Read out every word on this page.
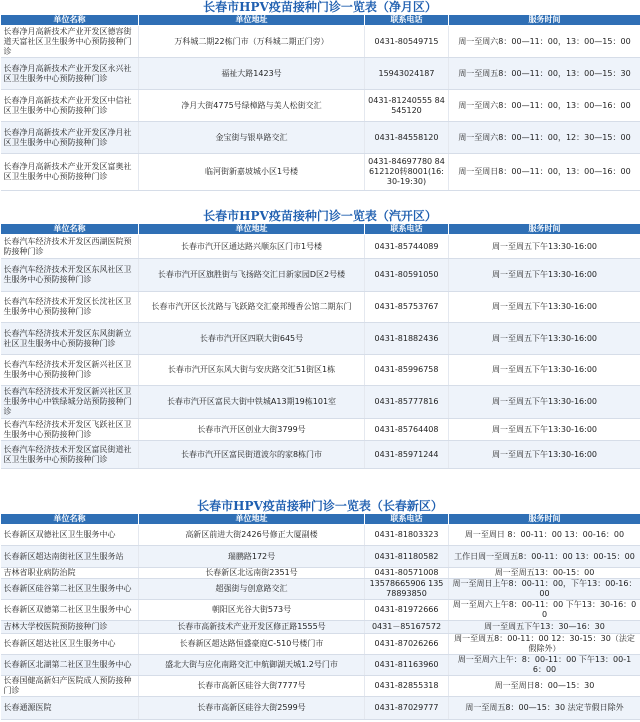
长春市HPV疫苗接种门诊一览表（净月区）
单位名称	单位地址	联系电话	服务时间
长春净月高新技术产业开发区德容街道天富社区卫生服务中心预防接种门诊	万科城二期22栋门市（万科城二期正门旁）	0431-80549715	周一至周六8：00—11：00，13：00—15：00
长春净月高新技术产业开发区永兴社区卫生服务中心预防接种门诊	福祉大路1423号	15943024187	周一至周五8：00—11：00，13：00—15：30
长春净月高新技术产业开发区中信社区卫生服务中心预防接种门诊	净月大街4775号绿樟路与美人松街交汇	0431-81240555 84545120	周一至周六8：00—11：00，13：00—16：00
长春净月高新技术产业开发区净月社区卫生服务中心预防接种门诊	金宝街与银阜路交汇	0431-84558120	周一至周六8：00—11：00，12：30—15：00
长春净月高新技术产业开发区富奥社区卫生服务中心预防接种门诊	临河街新嘉坡城小区1号楼	0431-84697780 84612120转8001(16:30-19:30)	周一至周日8：00—11：00，13：00—16：00
长春市HPV疫苗接种门诊一览表（汽开区）
单位名称	单位地址	联系电话	服务时间
长春汽车经济技术开发区西湖医院预防接种门诊	长春市汽开区通达路兴顺东区门市1号楼	0431-85744089	周一至周五下午13:30-16:00
长春汽车经济技术开发区东风社区卫生服务中心预防接种门诊	长春市汽开区旗胜街与飞扬路交汇日新家园D区2号楼	0431-80591050	周一至周五下午13:30-16:00
长春汽车经济技术开发区长沈社区卫生服务中心预防接种门诊	长春市汽开区长沈路与飞跃路交汇豪邦缦香公馆二期东门	0431-85753767	周一至周五下午13:30-16:00
长春汽车经济技术开发区东风街新立社区卫生服务中心预防接种门诊	长春市汽开区四联大街645号	0431-81882436	周一至周五下午13:30-16:00
长春汽车经济技术开发区新兴社区卫生服务中心预防接种门诊	长春市汽开区东风大街与安庆路交汇51街区1栋	0431-85996758	周一至周五下午13:30-16:00
长春汽车经济技术开发区新兴社区卫生服务中心中铁绿城分站预防接种门诊	长春市汽开区富民大街中铁城A13期19栋101室	0431-85777816	周一至周五下午13:30-16:00
长春汽车经济技术开发区飞跃社区卫生服务中心预防接种门诊	长春市汽开区创业大街3799号	0431-85764408	周一至周五下午13:30-16:00
长春汽车经济技术开发区富民街道社区卫生服务中心预防接种门诊	长春市汽开区富民街道波尔的家8栋门市	0431-85971244	周一至周五下午13:30-16:00
长春市HPV疫苗接种门诊一览表（长春新区）
单位名称	单位地址	联系电话	服务时间
长春新区双德社区卫生服务中心	高新区前进大街2426号修正大厦副楼	0431-81803323	周一至周日 8：00-11：00 13：00-16：00
长春新区超达南街社区卫生服务站	瑞鹏路172号	0431-81180582	工作日周一至周五8：00-11：00 13：00-15：00
吉林省职业病防治院	长春新区北远南街2351号	0431-80571008	周一至周五13：00-15：00
长春新区硅谷第二社区卫生服务中心	超强街与创意路交汇	13578665906 13578893850	周一至周日上午8：00-11：00，下午13：00-16：00
长春新区双德第二社区卫生服务中心	朝阳区光谷大街573号	0431-81972666	周一至周六上午8：00-11：00 下午13：30-16：00
吉林大学校医院预防接种门诊	长春市高新技术产业开发区修正路1555号	0431－85167572	周一至周五下午13：30—16：30
长春新区超达社区卫生服务中心	长春新区超达路恒盛豪庭C-510号楼门市	0431-87026266	周一至周五8：00-11：00 12：30-15：30（法定假除外）
长春新区北湖第二社区卫生服务中心	盛北大街与应化南路交汇中航御湖天城1.2号门市	0431-81163960	周一至周六上午：8：00-11：00 下午13：00-16：00
长春国健高新妇产医院成人预防接种门诊	长春市高新区硅谷大街7777号	0431-82855318	周一至周日8：00—15：30
长春通源医院	长春市高新区硅谷大街2599号	0431-87029777	周一至周五8：00—15：30 法定节假日除外
